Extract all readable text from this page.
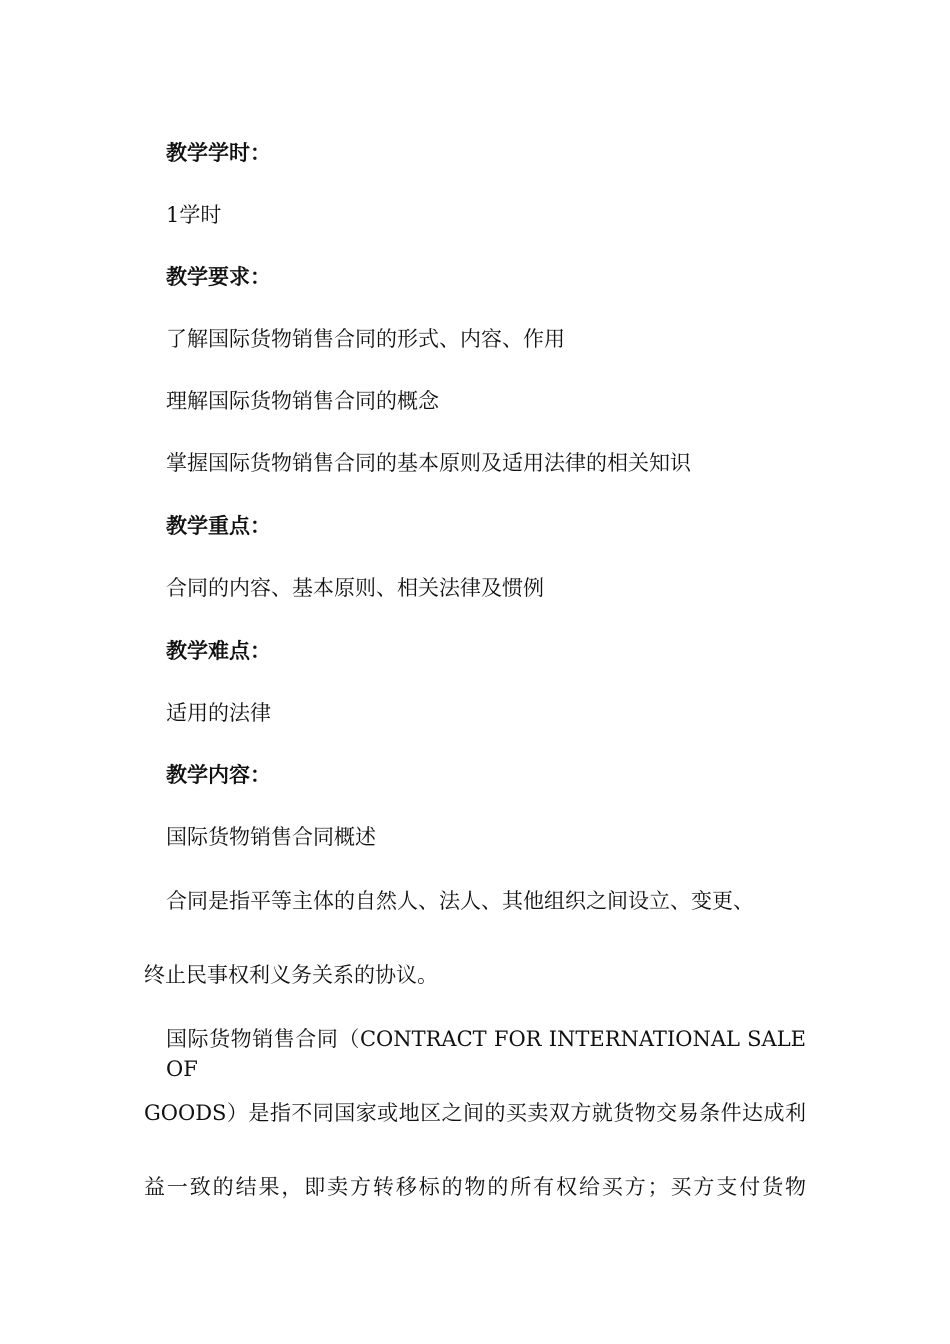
教学学时：
1学时
教学要求：
了解国际货物销售合同的形式、内容、作用
理解国际货物销售合同的概念
掌握国际货物销售合同的基本原则及适用法律的相关知识
教学重点：
合同的内容、基本原则、相关法律及惯例
教学难点：
适用的法律
教学内容：
国际货物销售合同概述
合同是指平等主体的自然人、法人、其他组织之间设立、变更、
终止民事权利义务关系的协议。
国际货物销售合同（CONTRACT FOR INTERNATIONAL SALE OF
GOODS）是指不同国家或地区之间的买卖双方就货物交易条件达成利
益一致的结果，即卖方转移标的物的所有权给买方；买方支付货物
